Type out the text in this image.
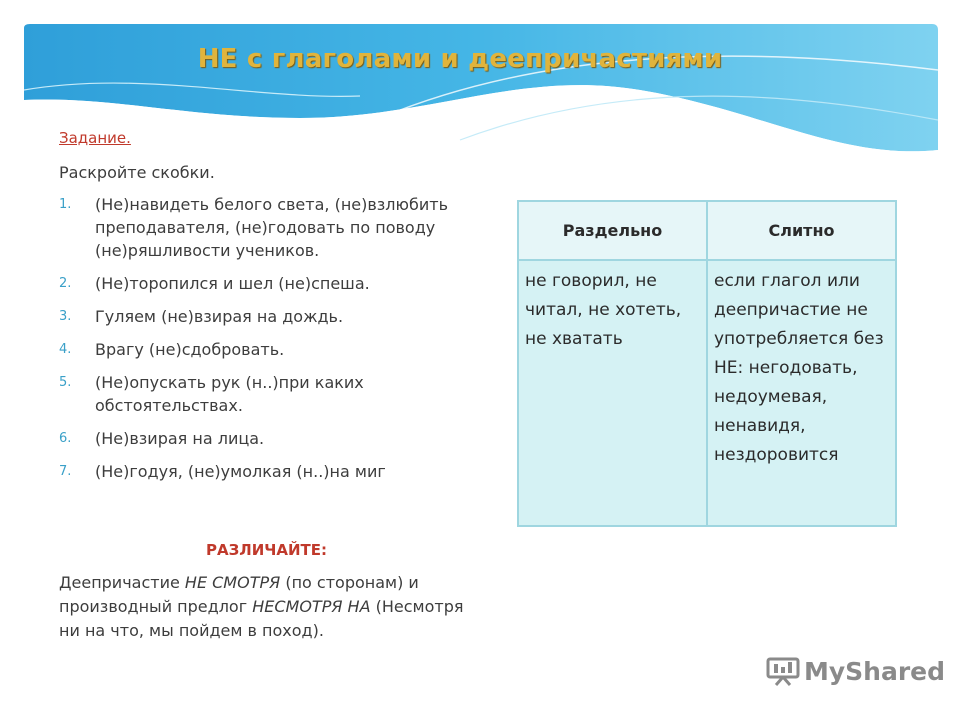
НЕ с глаголами и деепричастиями
Задание.
Раскройте скобки.
1. (Не)навидеть белого света, (не)взлюбить преподавателя, (не)годовать по поводу (не)ряшливости учеников.
2. (Не)торопился и шел (не)спеша.
3. Гуляем (не)взирая на дождь.
4. Врагу (не)сдобровать.
5. (Не)опускать рук (н..)при каких обстоятельствах.
6. (Не)взирая на лица.
7. (Не)годуя, (не)умолкая (н..)на миг
РАЗЛИЧАЙТЕ:
Деепричастие НЕ СМОТРЯ (по сторонам) и производный предлог НЕСМОТРЯ НА (Несмотря ни на что, мы пойдем в поход).
Раздельно	Слитно
не говорил, не читал, не хотеть, не хватать	если глагол или деепричастие не употребляется без НЕ: негодовать, недоумевая, ненавидя, нездоровится
MyShared
